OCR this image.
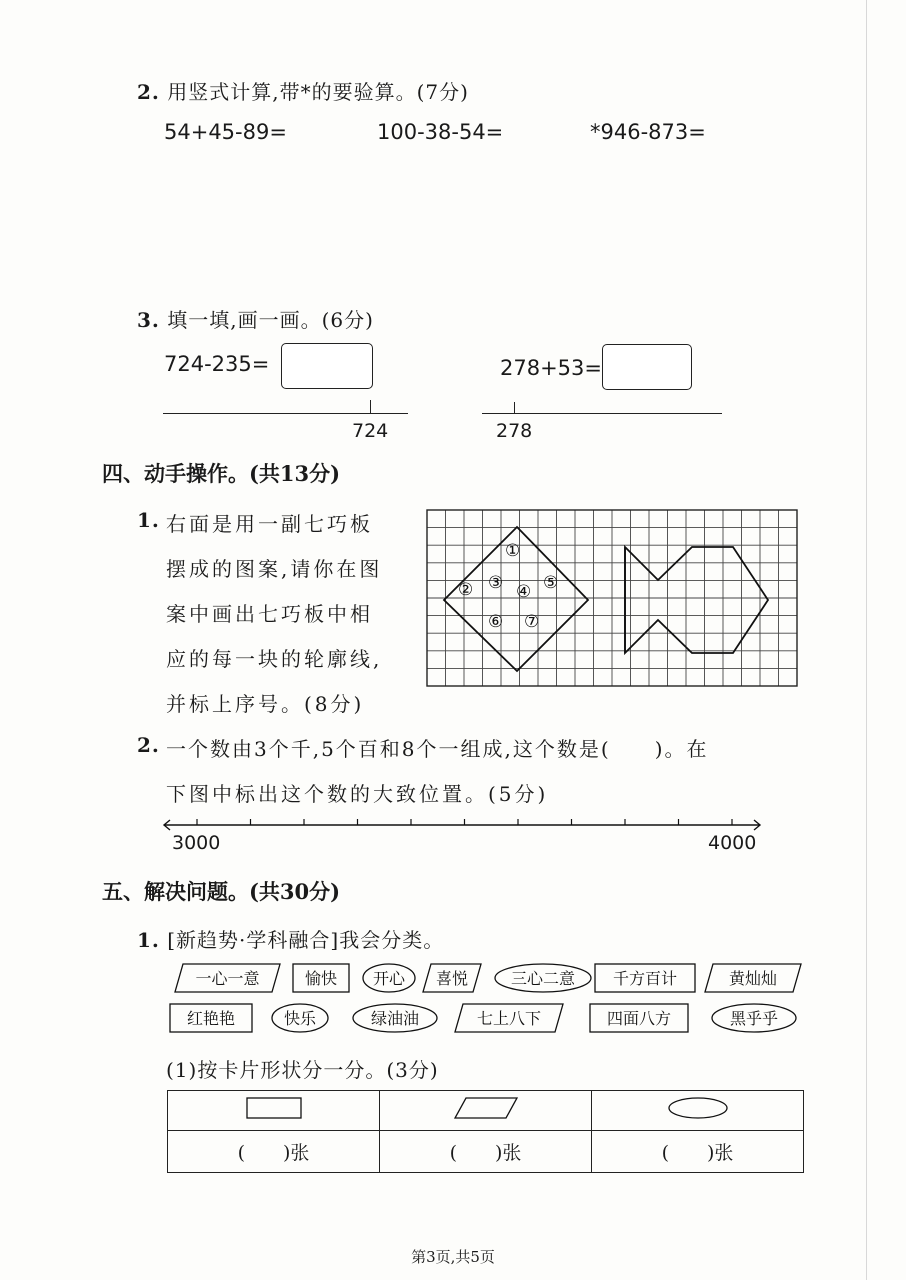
2. 用竖式计算,带*的要验算。(7分)
54+45-89=	100-38-54=	*946-873=
3. 填一填,画一画。(6分)
724-235=
724
278+53=
278
四、动手操作。(共13分)
1. 右面是用一副七巧板
摆成的图案,请你在图
案中画出七巧板中相
应的每一块的轮廓线,
并标上序号。(8分)
①
② ③ ④ ⑤
⑥ ⑦
2. 一个数由3个千,5个百和8个一组成,这个数是(　　)。在
下图中标出这个数的大致位置。(5分)
3000	4000
五、解决问题。(共30分)
1. [新趋势·学科融合]我会分类。
一心一意	愉快 开心 喜悦	三心二意 千方百计	黄灿灿
红艳艳	快乐	绿油油	七上八下	四面八方	黑乎乎
(1)按卡片形状分一分。(3分)

(　　)张	(　　)张	(　　)张
第3页,共5页
